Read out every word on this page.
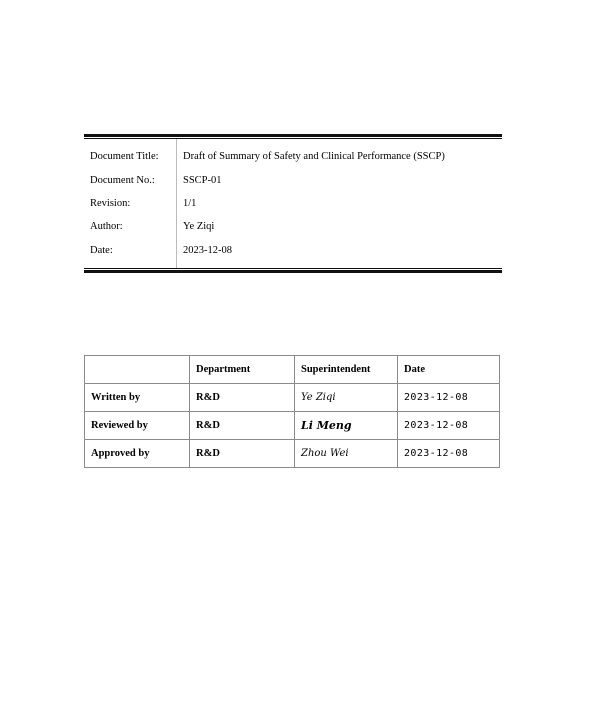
Document Title:	Draft of Summary of Safety and Clinical Performance (SSCP)
Document No.:	SSCP-01
Revision:	1/1
Author:	Ye Ziqi
Date:	2023-12-08
	Department	Superintendent	Date
Written by	R&D	Ye Ziqi	2023-12-08
Reviewed by	R&D	Li Meng	2023-12-08
Approved by	R&D	Zhou Wei	2023-12-08
